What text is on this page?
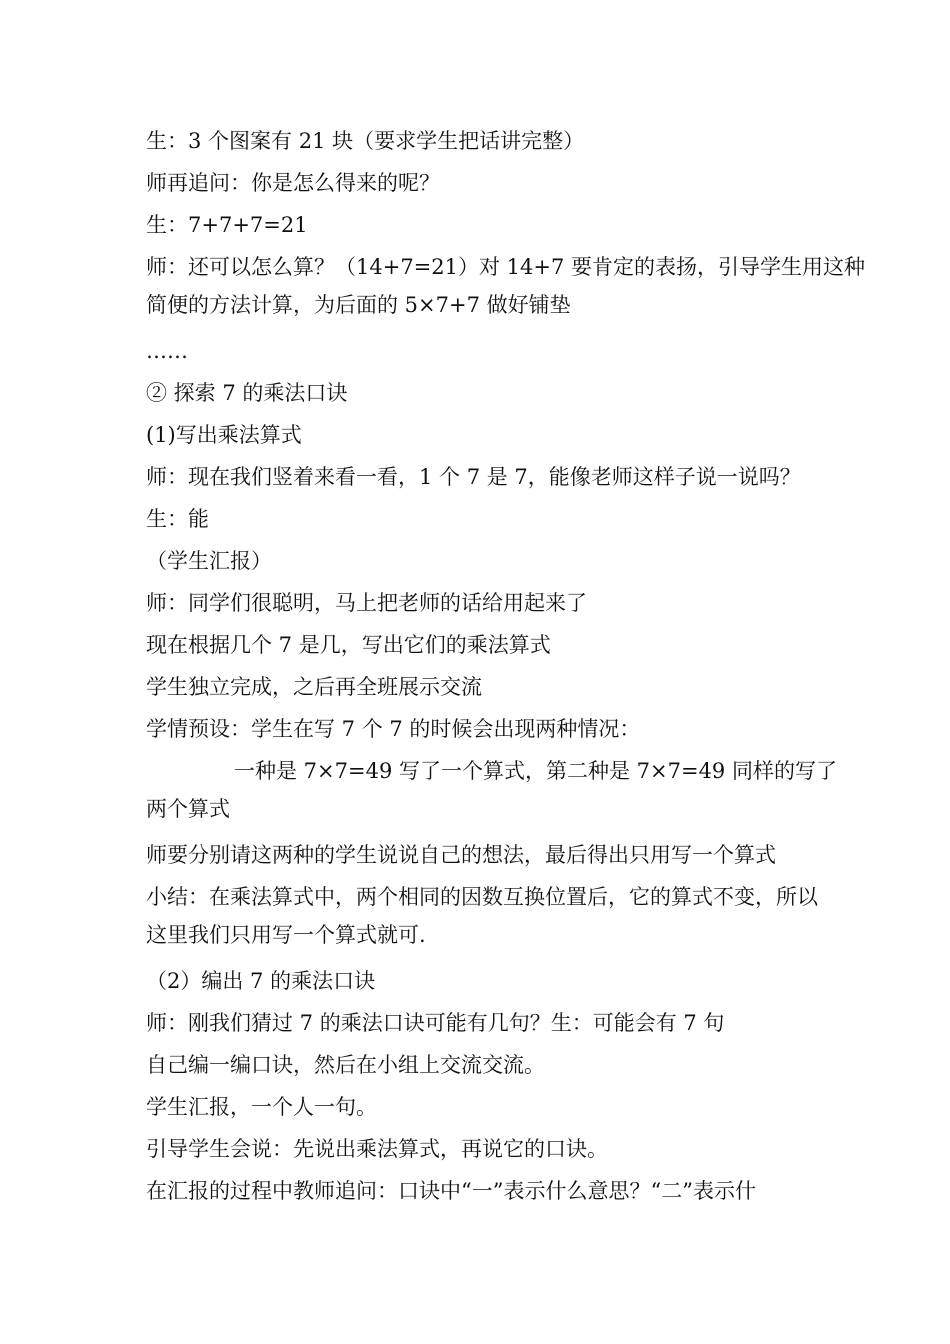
生：3 个图案有 21 块（要求学生把话讲完整）

师再追问：你是怎么得来的呢？

生：7+7+7=21

师：还可以怎么算？（14+7=21）对 14+7 要肯定的表扬，引导学生用这种

简便的方法计算，为后面的 5×7+7 做好铺垫

……

② 探索 7 的乘法口诀

(1)写出乘法算式

师：现在我们竖着来看一看，1 个 7 是 7，能像老师这样子说一说吗？

生：能

（学生汇报）

师：同学们很聪明，马上把老师的话给用起来了

现在根据几个 7 是几，写出它们的乘法算式

学生独立完成，之后再全班展示交流

学情预设：学生在写 7 个 7 的时候会出现两种情况：

一种是 7×7=49 写了一个算式，第二种是 7×7=49 同样的写了

两个算式

师要分别请这两种的学生说说自己的想法，最后得出只用写一个算式

小结：在乘法算式中，两个相同的因数互换位置后，它的算式不变，所以

这里我们只用写一个算式就可.

（2）编出 7 的乘法口诀

师：刚我们猜过 7 的乘法口诀可能有几句？生：可能会有 7 句

自己编一编口诀，然后在小组上交流交流。

学生汇报，一个人一句。

引导学生会说：先说出乘法算式，再说它的口诀。

在汇报的过程中教师追问：口诀中“一”表示什么意思？“二”表示什
